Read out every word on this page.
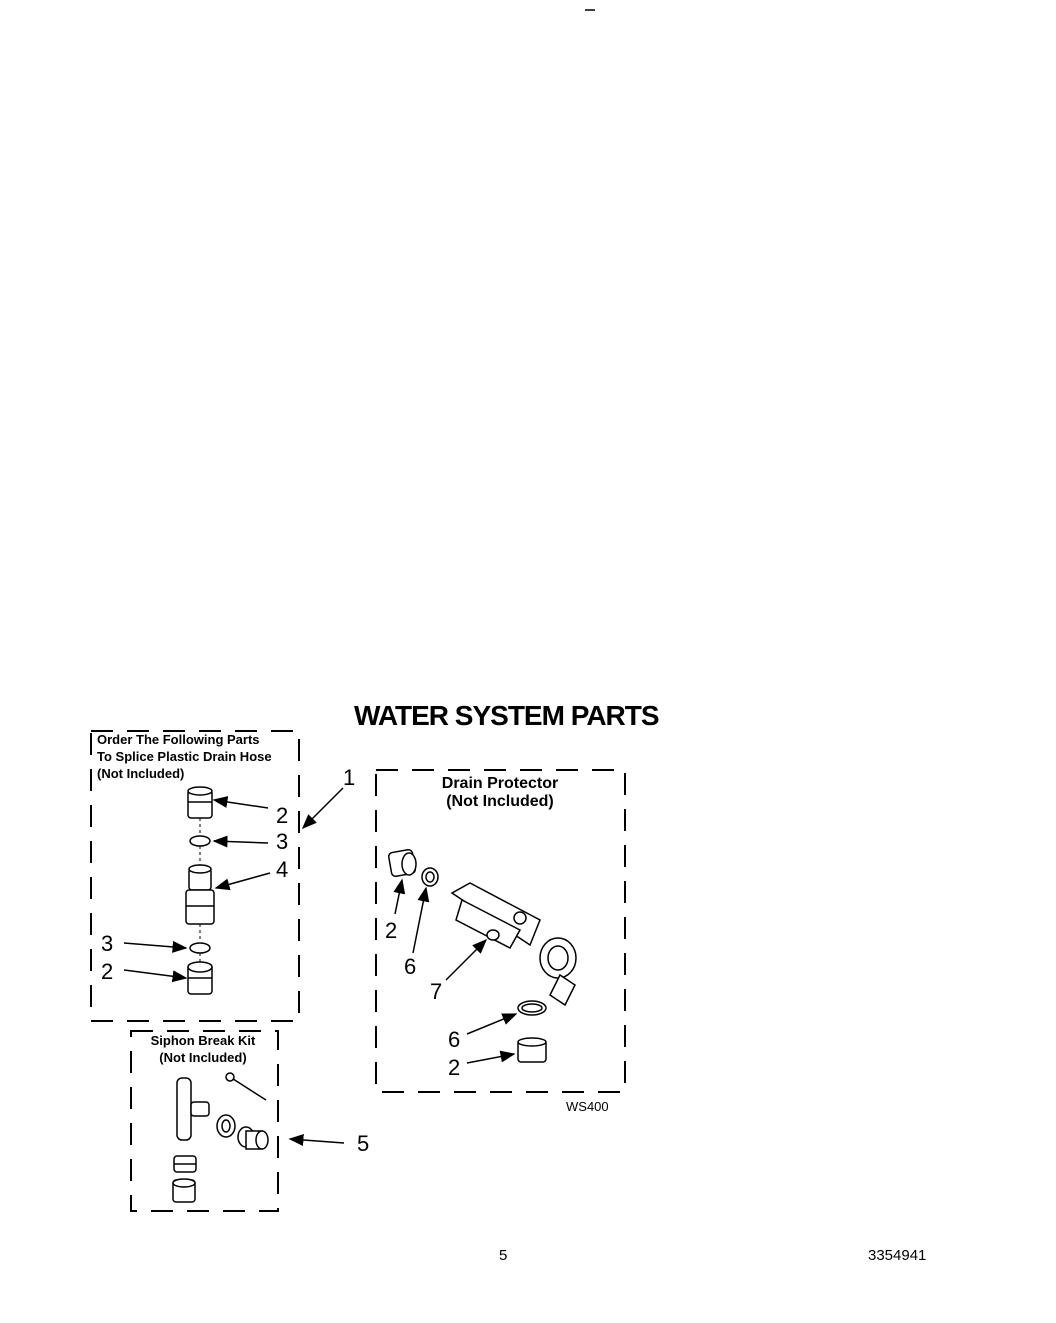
WATER SYSTEM PARTS
Order The Following Parts
To Splice Plastic Drain Hose
(Not Included)
Siphon Break Kit
(Not Included)
Drain Protector
(Not Included)
1
2
3
4
3
2
5
2
6
7
6
2
WS400
5	3354941
